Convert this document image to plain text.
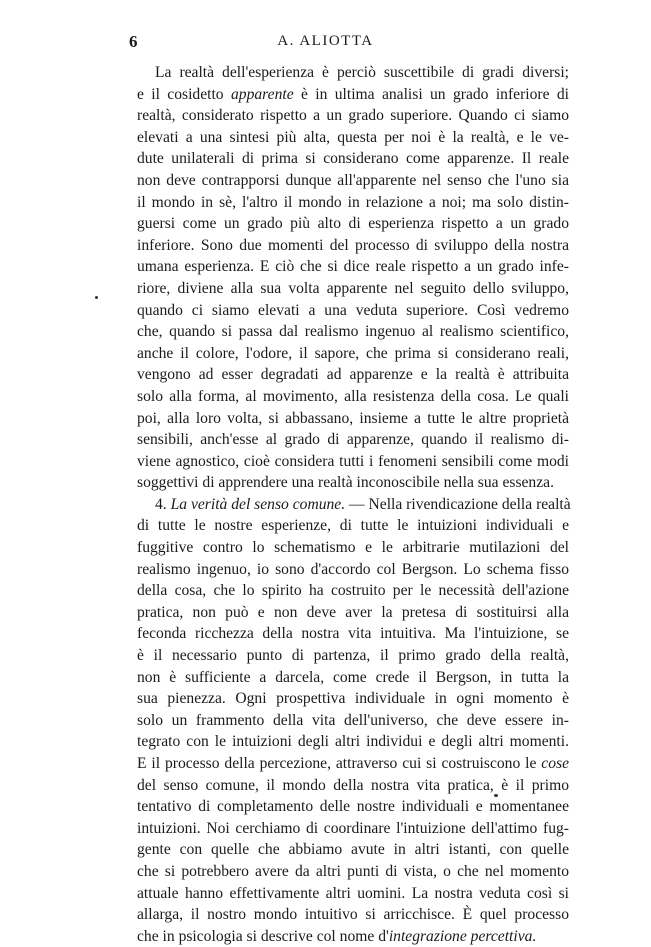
6	A. ALIOTTA
La realtà dell'esperienza è perciò suscettibile di gradi diversi;
e il cosidetto apparente è in ultima analisi un grado inferiore di
realtà, considerato rispetto a un grado superiore. Quando ci siamo
elevati a una sintesi più alta, questa per noi è la realtà, e le ve-
dute unilaterali di prima si considerano come apparenze. Il reale
non deve contrapporsi dunque all'apparente nel senso che l'uno sia
il mondo in sè, l'altro il mondo in relazione a noi; ma solo distin-
guersi come un grado più alto di esperienza rispetto a un grado
inferiore. Sono due momenti del processo di sviluppo della nostra
umana esperienza. E ciò che si dice reale rispetto a un grado infe-
riore, diviene alla sua volta apparente nel seguito dello sviluppo,
quando ci siamo elevati a una veduta superiore. Così vedremo
che, quando si passa dal realismo ingenuo al realismo scientifico,
anche il colore, l'odore, il sapore, che prima si considerano reali,
vengono ad esser degradati ad apparenze e la realtà è attribuita
solo alla forma, al movimento, alla resistenza della cosa. Le quali
poi, alla loro volta, si abbassano, insieme a tutte le altre proprietà
sensibili, anch'esse al grado di apparenze, quando il realismo di-
viene agnostico, cioè considera tutti i fenomeni sensibili come modi
soggettivi di apprendere una realtà inconoscibile nella sua essenza.
4. La verità del senso comune. — Nella rivendicazione della realtà
di tutte le nostre esperienze, di tutte le intuizioni individuali e
fuggitive contro lo schematismo e le arbitrarie mutilazioni del
realismo ingenuo, io sono d'accordo col Bergson. Lo schema fisso
della cosa, che lo spirito ha costruito per le necessità dell'azione
pratica, non può e non deve aver la pretesa di sostituirsi alla
feconda ricchezza della nostra vita intuitiva. Ma l'intuizione, se
è il necessario punto di partenza, il primo grado della realtà,
non è sufficiente a darcela, come crede il Bergson, in tutta la
sua pienezza. Ogni prospettiva individuale in ogni momento è
solo un frammento della vita dell'universo, che deve essere in-
tegrato con le intuizioni degli altri individui e degli altri momenti.
E il processo della percezione, attraverso cui si costruiscono le cose
del senso comune, il mondo della nostra vita pratica, è il primo
tentativo di completamento delle nostre individuali e momentanee
intuizioni. Noi cerchiamo di coordinare l'intuizione dell'attimo fug-
gente con quelle che abbiamo avute in altri istanti, con quelle
che si potrebbero avere da altri punti di vista, o che nel momento
attuale hanno effettivamente altri uomini. La nostra veduta così si
allarga, il nostro mondo intuitivo si arricchisce. È quel processo
che in psicologia si descrive col nome d'integrazione percettiva.
